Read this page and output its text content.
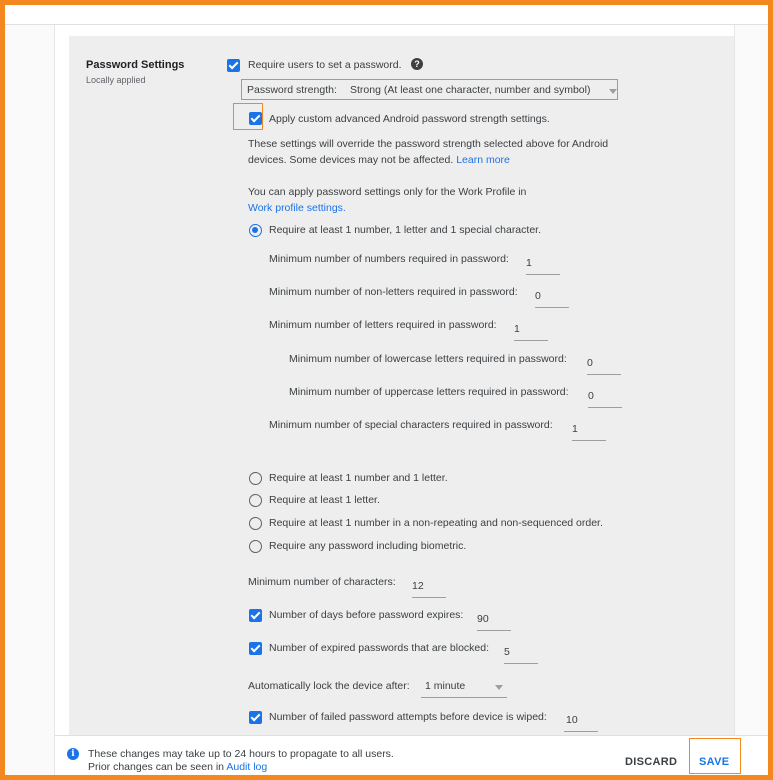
Password Settings
Locally applied
Require users to set a password.	?
Password strength: Strong (At least one character, number and symbol)
Apply custom advanced Android password strength settings.
These settings will override the password strength selected above for Android
devices. Some devices may not be affected. Learn more
You can apply password settings only for the Work Profile in
Work profile settings.
Require at least 1 number, 1 letter and 1 special character.
Minimum number of numbers required in password: 1
Minimum number of non-letters required in password: 0
Minimum number of letters required in password: 1
Minimum number of lowercase letters required in password: 0
Minimum number of uppercase letters required in password: 0
Minimum number of special characters required in password: 1
Require at least 1 number and 1 letter.
Require at least 1 letter.
Require at least 1 number in a non-repeating and non-sequenced order.
Require any password including biometric.
Minimum number of characters: 12
Number of days before password expires: 90
Number of expired passwords that are blocked: 5
Automatically lock the device after: 1 minute
Number of failed password attempts before device is wiped: 10
i	These changes may take up to 24 hours to propagate to all users.
Prior changes can be seen in Audit log	DISCARD SAVE
